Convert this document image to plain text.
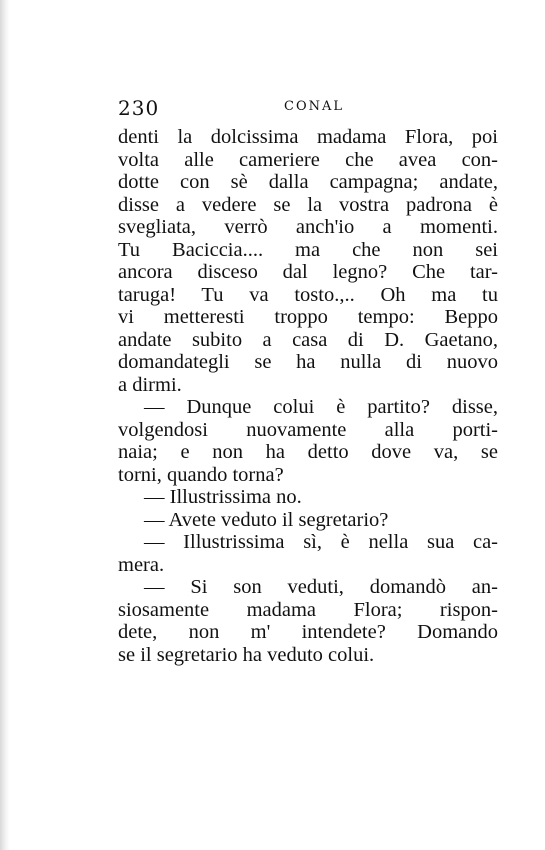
230	CONAL
denti la dolcissima madama Flora, poi
volta alle cameriere che avea con-
dotte con sè dalla campagna; andate,
disse a vedere se la vostra padrona è
svegliata, verrò anch'io a momenti.
Tu Baciccia.... ma che non sei
ancora disceso dal legno? Che tar-
taruga! Tu va tosto.,.. Oh ma tu
vi metteresti troppo tempo: Beppo
andate subito a casa di D. Gaetano,
domandategli se ha nulla di nuovo
a dirmi.
— Dunque colui è partito? disse,
volgendosi nuovamente alla porti-
naia; e non ha detto dove va, se
torni, quando torna?
— Illustrissima no.
— Avete veduto il segretario?
— Illustrissima sì, è nella sua ca-
mera.
— Si son veduti, domandò an-
siosamente madama Flora; rispon-
dete, non m' intendete? Domando
se il segretario ha veduto colui.
